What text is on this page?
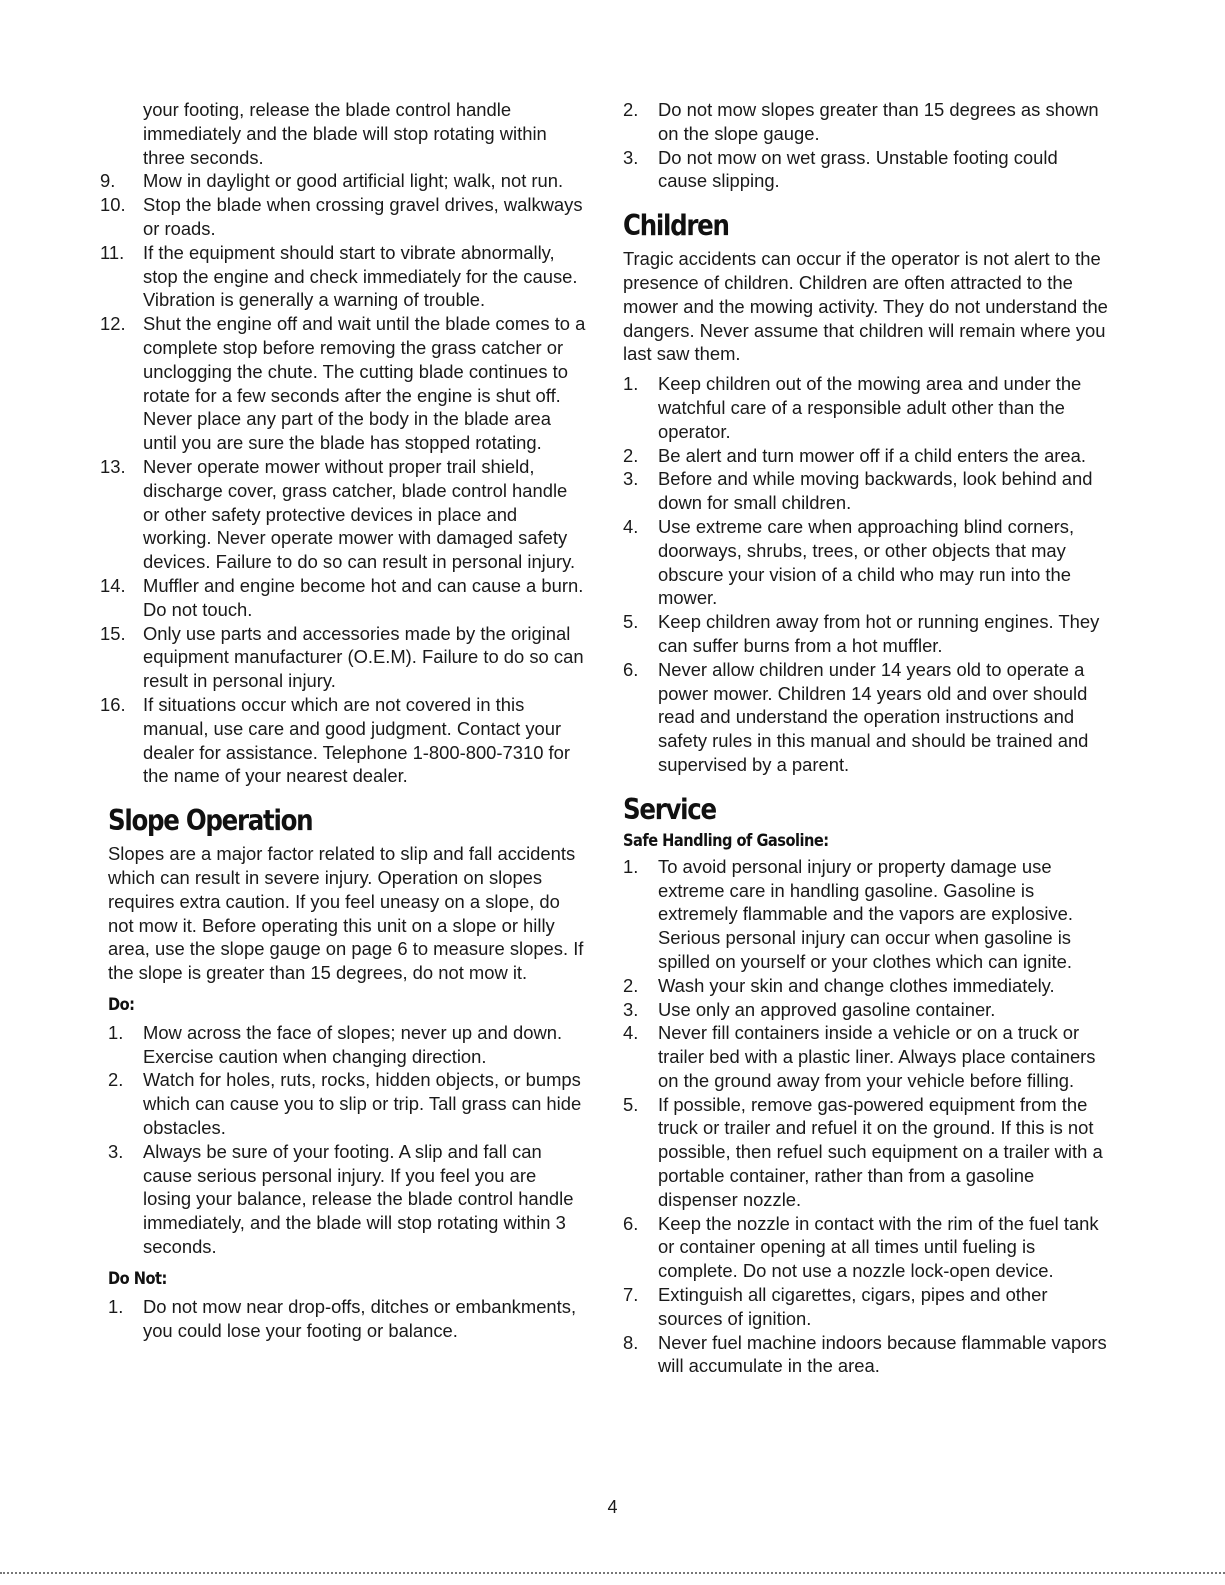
your footing, release the blade control handle immediately and the blade will stop rotating within three seconds.

9.	Mow in daylight or good artificial light; walk, not run.
10. Stop the blade when crossing gravel drives, walkways or roads.
11. If the equipment should start to vibrate abnormally, stop the engine and check immediately for the cause. Vibration is generally a warning of trouble.
12. Shut the engine off and wait until the blade comes to a complete stop before removing the grass catcher or unclogging the chute. The cutting blade continues to rotate for a few seconds after the engine is shut off. Never place any part of the body in the blade area until you are sure the blade has stopped rotating.
13. Never operate mower without proper trail shield, discharge cover, grass catcher, blade control handle or other safety protective devices in place and working. Never operate mower with damaged safety devices. Failure to do so can result in personal injury.
14. Muffler and engine become hot and can cause a burn. Do not touch.
15. Only use parts and accessories made by the original equipment manufacturer (O.E.M). Failure to do so can result in personal injury.
16. If situations occur which are not covered in this manual, use care and good judgment. Contact your dealer for assistance. Telephone 1-800-800-7310 for the name of your nearest dealer.
Slope Operation

Slopes are a major factor related to slip and fall accidents which can result in severe injury. Operation on slopes requires extra caution. If you feel uneasy on a slope, do not mow it. Before operating this unit on a slope or hilly area, use the slope gauge on page 6 to measure slopes. If the slope is greater than 15 degrees, do not mow it.

Do:
1.	Mow across the face of slopes; never up and down. Exercise caution when changing direction.
2.	Watch for holes, ruts, rocks, hidden objects, or bumps which can cause you to slip or trip. Tall grass can hide obstacles.
3.	Always be sure of your footing. A slip and fall can cause serious personal injury. If you feel you are losing your balance, release the blade control handle immediately, and the blade will stop rotating within 3 seconds.
Do Not:
1.	Do not mow near drop-offs, ditches or embankments, you could lose your footing or balance.
2.	Do not mow slopes greater than 15 degrees as shown on the slope gauge.
3.	Do not mow on wet grass. Unstable footing could cause slipping.
Children

Tragic accidents can occur if the operator is not alert to the presence of children. Children are often attracted to the mower and the mowing activity. They do not understand the dangers. Never assume that children will remain where you last saw them.

1.	Keep children out of the mowing area and under the watchful care of a responsible adult other than the operator.
2.	Be alert and turn mower off if a child enters the area.
3.	Before and while moving backwards, look behind and down for small children.
4.	Use extreme care when approaching blind corners, doorways, shrubs, trees, or other objects that may obscure your vision of a child who may run into the mower.
5.	Keep children away from hot or running engines. They can suffer burns from a hot muffler.
6.	Never allow children under 14 years old to operate a power mower. Children 14 years old and over should read and understand the operation instructions and safety rules in this manual and should be trained and supervised by a parent.
Service
Safe Handling of Gasoline:
1.	To avoid personal injury or property damage use extreme care in handling gasoline. Gasoline is extremely flammable and the vapors are explosive. Serious personal injury can occur when gasoline is spilled on yourself or your clothes which can ignite.
2.	Wash your skin and change clothes immediately.
3.	Use only an approved gasoline container.
4.	Never fill containers inside a vehicle or on a truck or trailer bed with a plastic liner. Always place containers on the ground away from your vehicle before filling.
5.	If possible, remove gas-powered equipment from the truck or trailer and refuel it on the ground. If this is not possible, then refuel such equipment on a trailer with a portable container, rather than from a gasoline dispenser nozzle.
6.	Keep the nozzle in contact with the rim of the fuel tank or container opening at all times until fueling is complete. Do not use a nozzle lock-open device.
7.	Extinguish all cigarettes, cigars, pipes and other sources of ignition.
8.	Never fuel machine indoors because flammable vapors will accumulate in the area.
4
